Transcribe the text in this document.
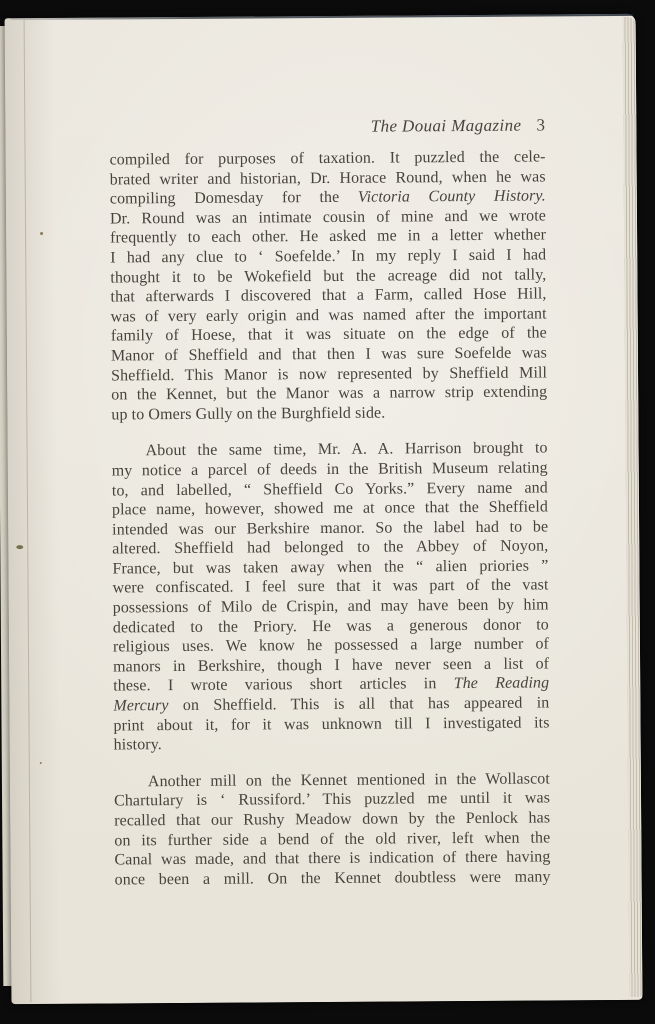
The Douai Magazine 3
compiled for purposes of taxation. It puzzled the cele-
brated writer and historian, Dr. Horace Round, when he was
compiling Domesday for the Victoria County History.
Dr. Round was an intimate cousin of mine and we wrote
frequently to each other. He asked me in a letter whether
I had any clue to ‘ Soefelde.’ In my reply I said I had
thought it to be Wokefield but the acreage did not tally,
that afterwards I discovered that a Farm, called Hose Hill,
was of very early origin and was named after the important
family of Hoese, that it was situate on the edge of the
Manor of Sheffield and that then I was sure Soefelde was
Sheffield. This Manor is now represented by Sheffield Mill
on the Kennet, but the Manor was a narrow strip extending
up to Omers Gully on the Burghfield side.
About the same time, Mr. A. A. Harrison brought to
my notice a parcel of deeds in the British Museum relating
to, and labelled, “ Sheffield Co Yorks.” Every name and
place name, however, showed me at once that the Sheffield
intended was our Berkshire manor. So the label had to be
altered. Sheffield had belonged to the Abbey of Noyon,
France, but was taken away when the “ alien priories ”
were confiscated. I feel sure that it was part of the vast
possessions of Milo de Crispin, and may have been by him
dedicated to the Priory. He was a generous donor to
religious uses. We know he possessed a large number of
manors in Berkshire, though I have never seen a list of
these. I wrote various short articles in The Reading
Mercury on Sheffield. This is all that has appeared in
print about it, for it was unknown till I investigated its
history.
Another mill on the Kennet mentioned in the Wollascot
Chartulary is ‘ Russiford.’ This puzzled me until it was
recalled that our Rushy Meadow down by the Penlock has
on its further side a bend of the old river, left when the
Canal was made, and that there is indication of there having
once been a mill. On the Kennet doubtless were many
